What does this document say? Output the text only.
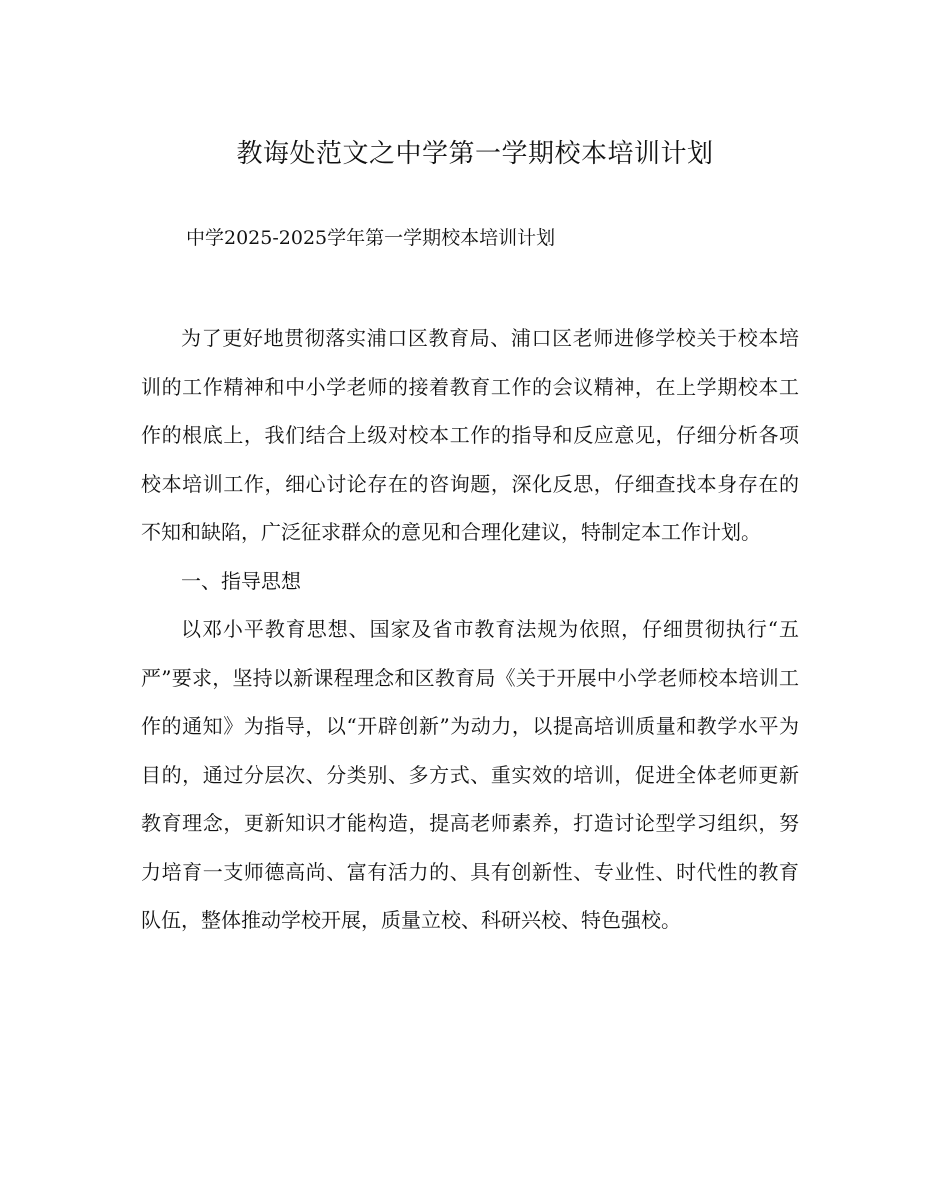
教诲处范文之中学第一学期校本培训计划
中学2025-2025学年第一学期校本培训计划

为了更好地贯彻落实浦口区教育局、浦口区老师进修学校关于校本培训的工作精神和中小学老师的接着教育工作的会议精神，在上学期校本工作的根底上，我们结合上级对校本工作的指导和反应意见，仔细分析各项校本培训工作，细心讨论存在的咨询题，深化反思，仔细查找本身存在的不知和缺陷，广泛征求群众的意见和合理化建议，特制定本工作计划。

一、指导思想

以邓小平教育思想、国家及省市教育法规为依照，仔细贯彻执行“五严”要求，坚持以新课程理念和区教育局《关于开展中小学老师校本培训工作的通知》为指导，以“开辟创新”为动力，以提高培训质量和教学水平为目的，通过分层次、分类别、多方式、重实效的培训，促进全体老师更新教育理念，更新知识才能构造，提高老师素养，打造讨论型学习组织，努力培育一支师德高尚、富有活力的、具有创新性、专业性、时代性的教育队伍，整体推动学校开展，质量立校、科研兴校、特色强校。
